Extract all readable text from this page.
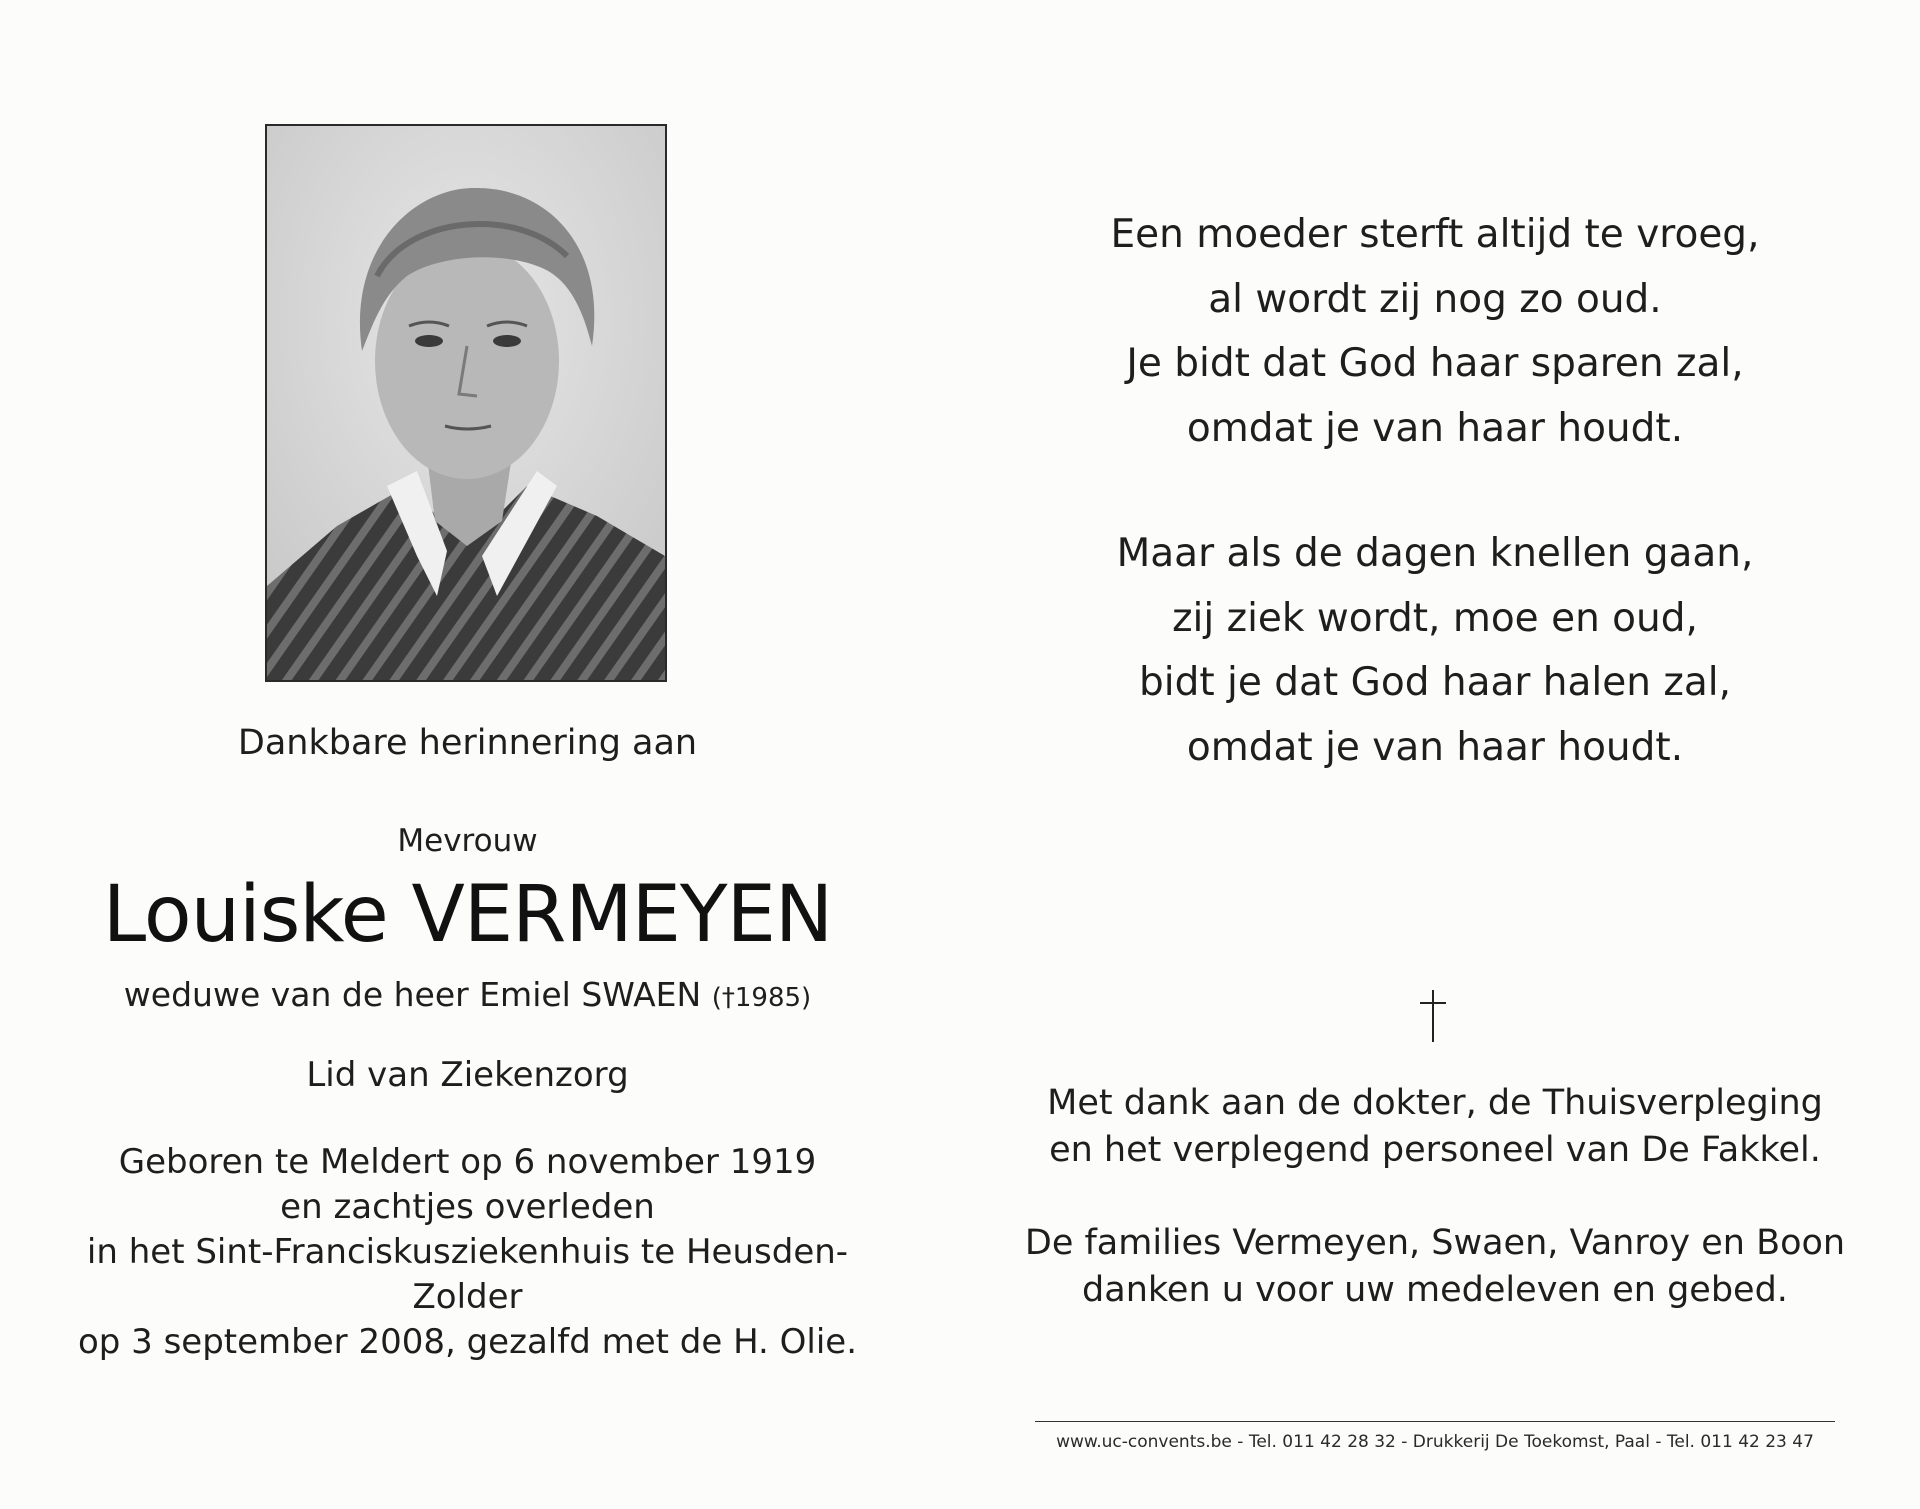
Dankbare herinnering aan
Mevrouw
Louiske VERMEYEN
weduwe van de heer Emiel SWAEN (†1985)
Lid van Ziekenzorg
Geboren te Meldert op 6 november 1919
en zachtjes overleden
in het Sint-Franciskusziekenhuis te Heusden-Zolder
op 3 september 2008, gezalfd met de H. Olie.
Een moeder sterft altijd te vroeg,
al wordt zij nog zo oud.
Je bidt dat God haar sparen zal,
omdat je van haar houdt.
Maar als de dagen knellen gaan,
zij ziek wordt, moe en oud,
bidt je dat God haar halen zal,
omdat je van haar houdt.
Met dank aan de dokter, de Thuisverpleging
en het verplegend personeel van De Fakkel.
De families Vermeyen, Swaen, Vanroy en Boon
danken u voor uw medeleven en gebed.
www.uc-convents.be - Tel. 011 42 28 32 - Drukkerij De Toekomst, Paal - Tel. 011 42 23 47
